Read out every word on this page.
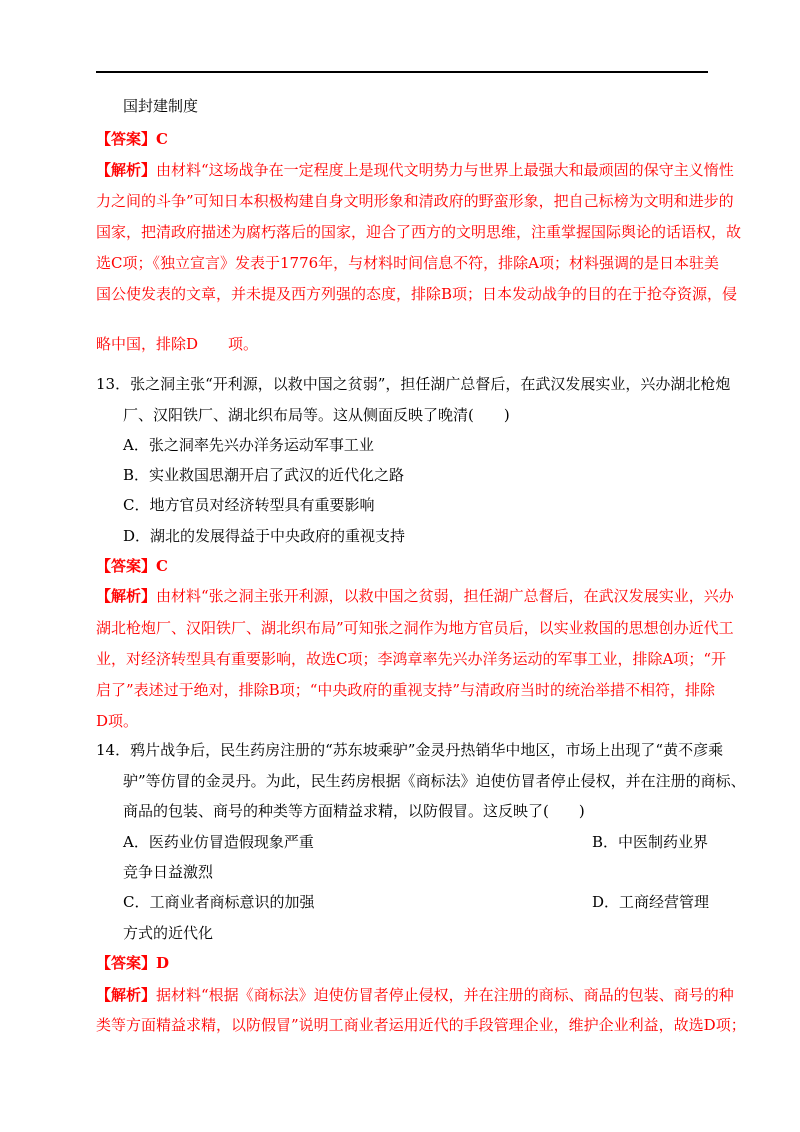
国封建制度
【答案】C
【解析】由材料“这场战争在一定程度上是现代文明势力与世界上最强大和最顽固的保守主义惰性
力之间的斗争”可知日本积极构建自身文明形象和清政府的野蛮形象，把自己标榜为文明和进步的
国家，把清政府描述为腐朽落后的国家，迎合了西方的文明思维，注重掌握国际舆论的话语权，故
选C项；《独立宣言》发表于1776年，与材料时间信息不符，排除A项；材料强调的是日本驻美
国公使发表的文章，并未提及西方列强的态度，排除B项；日本发动战争的目的在于抢夺资源，侵
略中国，排除D　　项。
13．张之洞主张“开利源，以救中国之贫弱”，担任湖广总督后，在武汉发展实业，兴办湖北枪炮
厂、汉阳铁厂、湖北织布局等。这从侧面反映了晚清(　　)
A．张之洞率先兴办洋务运动军事工业
B．实业救国思潮开启了武汉的近代化之路
C．地方官员对经济转型具有重要影响
D．湖北的发展得益于中央政府的重视支持
【答案】C
【解析】由材料“张之洞主张开利源，以救中国之贫弱，担任湖广总督后，在武汉发展实业，兴办
湖北枪炮厂、汉阳铁厂、湖北织布局”可知张之洞作为地方官员后，以实业救国的思想创办近代工
业，对经济转型具有重要影响，故选C项；李鸿章率先兴办洋务运动的军事工业，排除A项；“开
启了”表述过于绝对，排除B项；“中央政府的重视支持”与清政府当时的统治举措不相符，排除
D项。
14．鸦片战争后，民生药房注册的“苏东坡乘驴”金灵丹热销华中地区，市场上出现了“黄不彦乘
驴”等仿冒的金灵丹。为此，民生药房根据《商标法》迫使仿冒者停止侵权，并在注册的商标、
商品的包装、商号的种类等方面精益求精，以防假冒。这反映了(　　)
A．医药业仿冒造假现象严重	B．中医制药业界
竞争日益激烈
C．工商业者商标意识的加强	D．工商经营管理
方式的近代化
【答案】D
【解析】据材料“根据《商标法》迫使仿冒者停止侵权，并在注册的商标、商品的包装、商号的种
类等方面精益求精，以防假冒”说明工商业者运用近代的手段管理企业，维护企业利益，故选D项；
